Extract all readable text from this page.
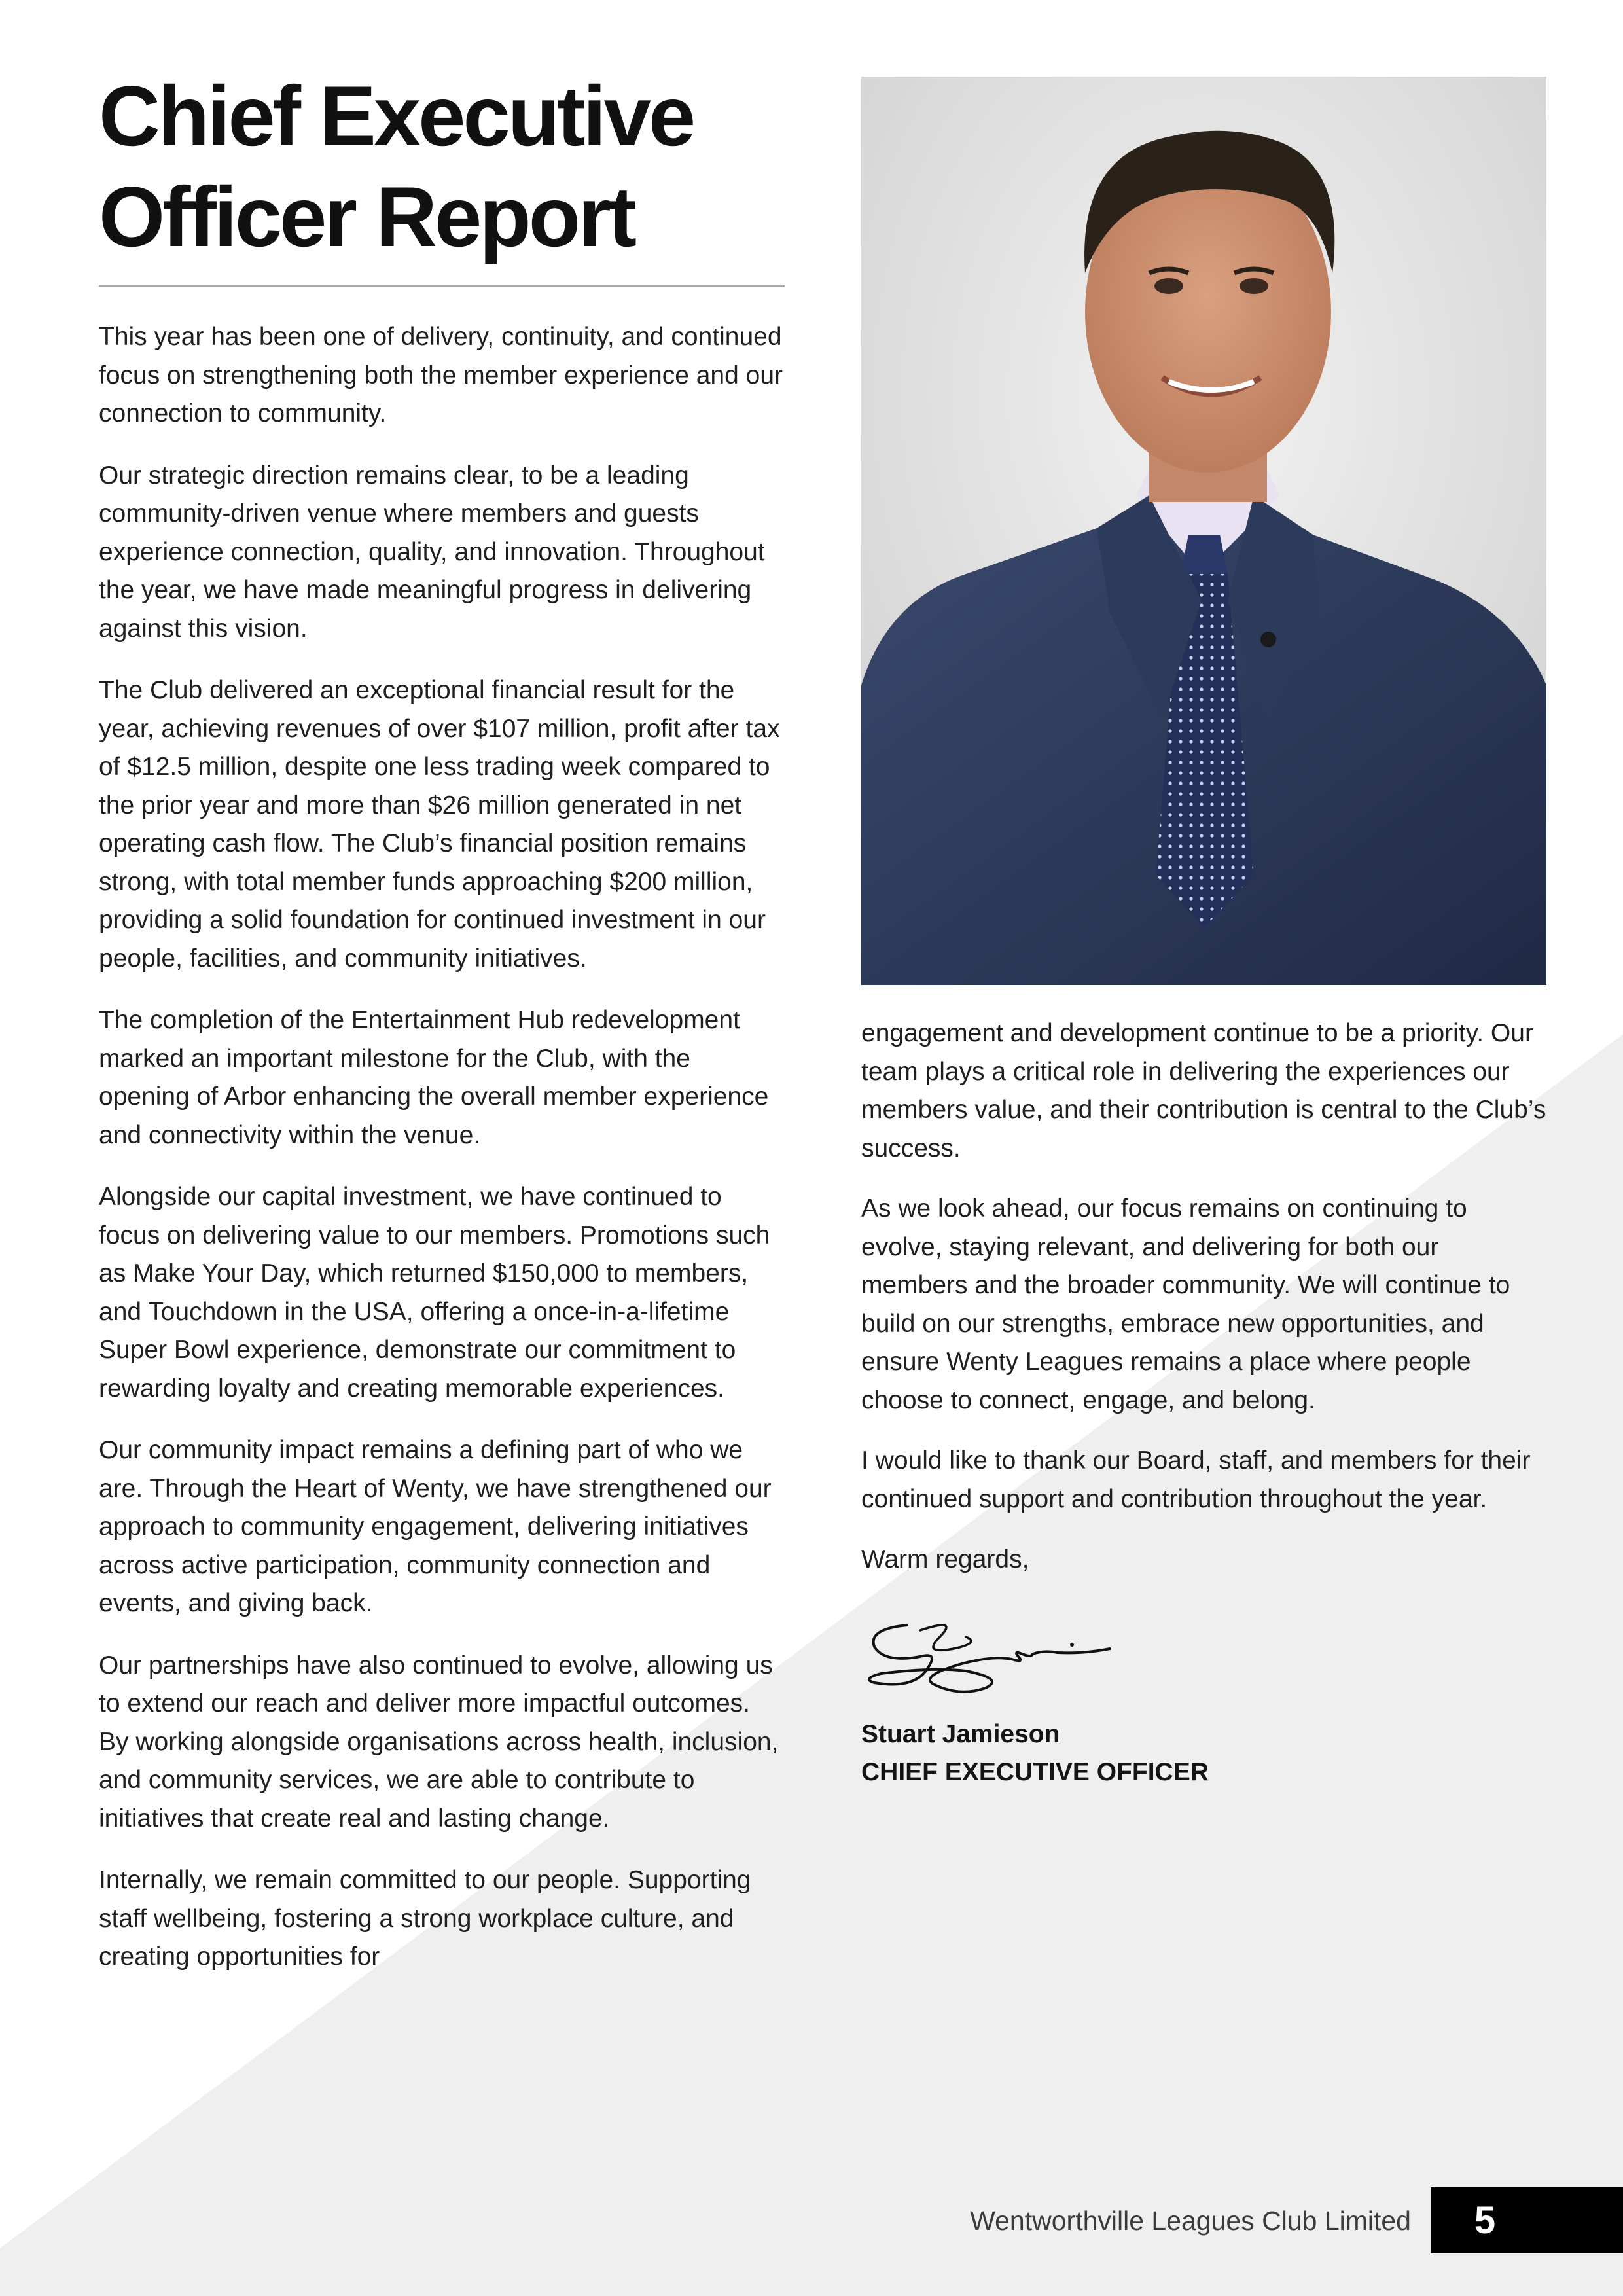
Chief Executive
Officer Report

This year has been one of delivery, continuity, and continued focus on strengthening both the member experience and our connection to community.

Our strategic direction remains clear, to be a leading community-driven venue where members and guests experience connection, quality, and innovation. Throughout the year, we have made meaningful progress in delivering against this vision.

The Club delivered an exceptional financial result for the year, achieving revenues of over $107 million, profit after tax of $12.5 million, despite one less trading week compared to the prior year and more than $26 million generated in net operating cash flow. The Club’s financial position remains strong, with total member funds approaching $200 million, providing a solid foundation for continued investment in our people, facilities, and community initiatives.

The completion of the Entertainment Hub redevelopment marked an important milestone for the Club, with the opening of Arbor enhancing the overall member experience and connectivity within the venue.

Alongside our capital investment, we have continued to focus on delivering value to our members. Promotions such as Make Your Day, which returned $150,000 to members, and Touchdown in the USA, offering a once-in-a-lifetime Super Bowl experience, demonstrate our commitment to rewarding loyalty and creating memorable experiences.

Our community impact remains a defining part of who we are. Through the Heart of Wenty, we have strengthened our approach to community engagement, delivering initiatives across active participation, community connection and events, and giving back.

Our partnerships have also continued to evolve, allowing us to extend our reach and deliver more impactful outcomes. By working alongside organisations across health, inclusion, and community services, we are able to contribute to initiatives that create real and lasting change.

Internally, we remain committed to our people. Supporting staff wellbeing, fostering a strong workplace culture, and creating opportunities for

engagement and development continue to be a priority. Our team plays a critical role in delivering the experiences our members value, and their contribution is central to the Club’s success.

As we look ahead, our focus remains on continuing to evolve, staying relevant, and delivering for both our members and the broader community. We will continue to build on our strengths, embrace new opportunities, and ensure Wenty Leagues remains a place where people choose to connect, engage, and belong.

I would like to thank our Board, staff, and members for their continued support and contribution throughout the year.

Warm regards,

Stuart Jamieson
CHIEF EXECUTIVE OFFICER
Wentworthville Leagues Club Limited	5
